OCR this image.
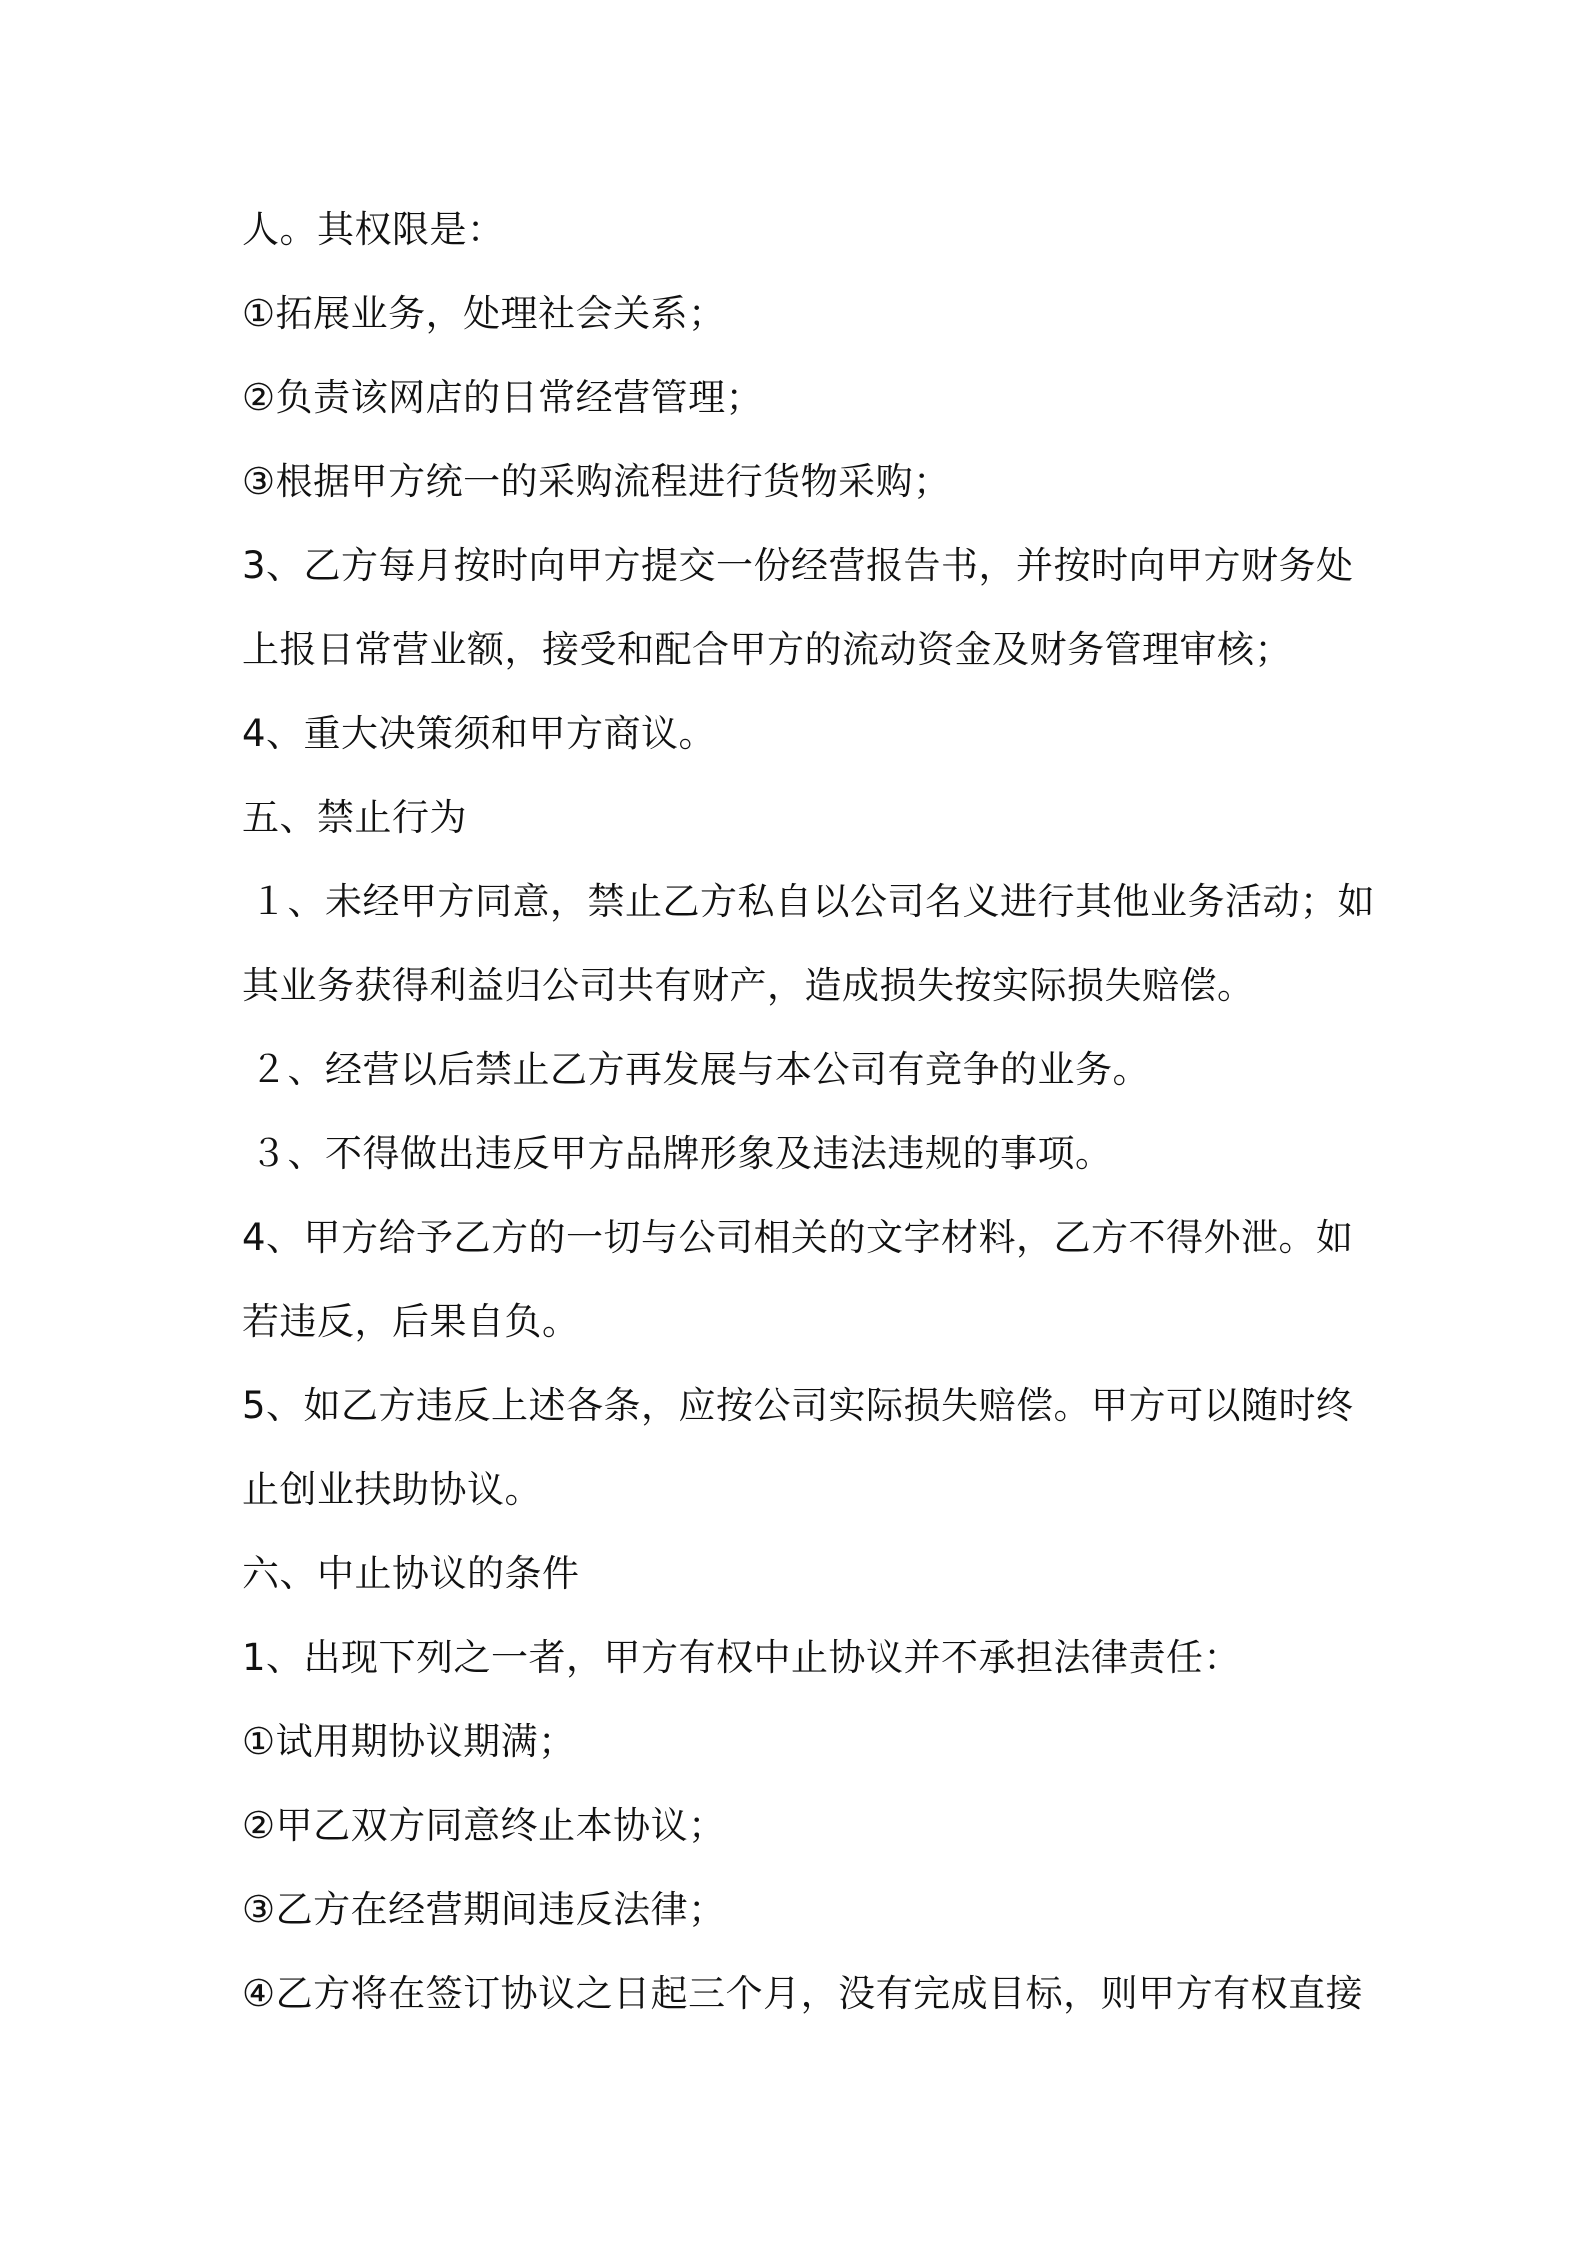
人。其权限是：
①拓展业务，处理社会关系；
②负责该网店的日常经营管理；
③根据甲方统一的采购流程进行货物采购；
3、乙方每月按时向甲方提交一份经营报告书，并按时向甲方财务处
上报日常营业额，接受和配合甲方的流动资金及财务管理审核；
4、重大决策须和甲方商议。
五、禁止行为
１、未经甲方同意，禁止乙方私自以公司名义进行其他业务活动；如
其业务获得利益归公司共有财产，造成损失按实际损失赔偿。
２、经营以后禁止乙方再发展与本公司有竞争的业务。
３、不得做出违反甲方品牌形象及违法违规的事项。
4、甲方给予乙方的一切与公司相关的文字材料，乙方不得外泄。如
若违反，后果自负。
5、如乙方违反上述各条，应按公司实际损失赔偿。甲方可以随时终
止创业扶助协议。
六、中止协议的条件
1、出现下列之一者，甲方有权中止协议并不承担法律责任：
①试用期协议期满；
②甲乙双方同意终止本协议；
③乙方在经营期间违反法律；
④乙方将在签订协议之日起三个月，没有完成目标，则甲方有权直接
